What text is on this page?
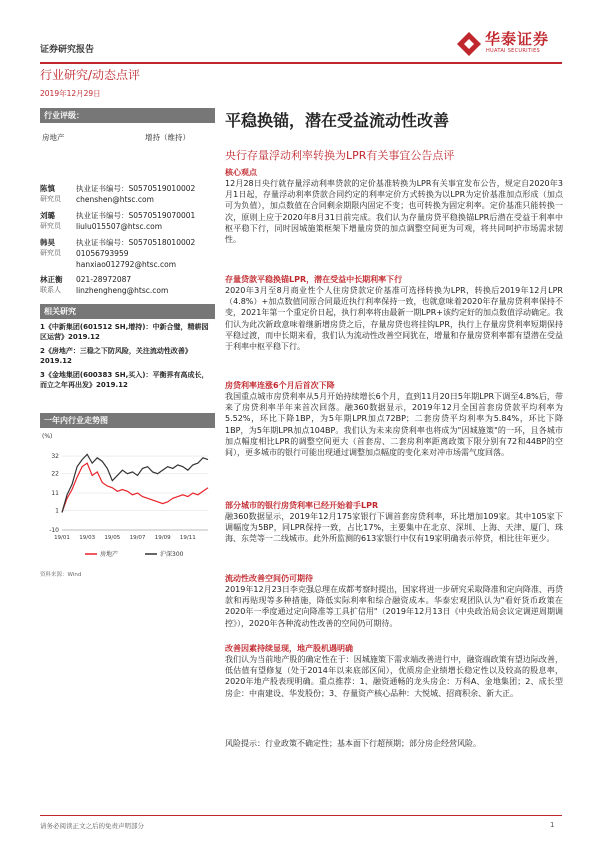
证券研究报告
华泰证券
HUATAI SECURITIES
行业研究/动态点评
2019年12月29日
行业评级：
房地产	增持（维持）
陈慎
研究员
执业证书编号：S0570519010002
chenshen@htsc.com
刘璐
研究员
执业证书编号：S0570519070001
liulu015507@htsc.com
韩昊
研究员
执业证书编号：S0570518010002
01056793959
hanxiao012792@htsc.com
林正衡
联系人
021-28972087
linzhengheng@htsc.com
相关研究
1《中新集团(601512 SH,增持)：中新合璧，精耕园区运营》2019.12
2《房地产：三稳之下防风险，关注流动性改善》2019.12
3《金地集团(600383 SH,买入)：平衡界有高成长，而立之年再出发》2019.12
一年内行业走势图
(%)
-10
1
11
22
32
19/01 19/03 19/05 19/07 19/09 19/11
房地产	沪深300
资料来源：Wind
平稳换锚，潜在受益流动性改善
央行存量浮动利率转换为LPR有关事宜公告点评
核心观点
12月28日央行就存量浮动利率贷款的定价基准转换为LPR有关事宜发布公告，规定自2020年3月1日起，存量浮动利率贷款合同约定的利率定价方式转换为以LPR为定价基准加点形成（加点可为负值），加点数值在合同剩余期限内固定不变；也可转换为固定利率。定价基准只能转换一次，原则上应于2020年8月31日前完成。我们认为存量房贷平稳换锚LPR后潜在受益于利率中枢平稳下行，同时因城施策框架下增量房贷的加点调整空间更为可观，将共同呵护市场需求韧性。
存量贷款平稳换锚LPR，潜在受益中长期利率下行
2020年3月至8月商业性个人住房贷款定价基准可选择转换为LPR，转换后2019年12月LPR（4.8%）+加点数值同原合同最近执行利率保持一致，也就意味着2020年存量房贷利率保持不变，2021年第一个重定价日起，执行利率将由最新一期LPR+该约定好的加点数值浮动确定。我们认为此次新政意味着继新增房贷之后，存量房贷也将挂钩LPR，执行上存量房贷利率短期保持平稳过渡，而中长期来看，我们认为流动性改善空间犹在，增量和存量房贷利率都有望潜在受益于利率中枢平稳下行。
房贷利率连涨6个月后首次下降
我国重点城市房贷利率从5月开始持续增长6个月，直到11月20日5年期LPR下调至4.8%后，带来了房贷利率半年来首次回落。融360数据显示，2019年12月全国首套房贷款平均利率为5.52%，环比下降1BP，为5年期LPR加点72BP；二套房贷平均利率为5.84%，环比下降1BP，为5年期LPR加点104BP。我们认为未来房贷利率也将成为"因城施策"的一环，且各城市加点幅度相比LPR的调整空间更大（首套房、二套房利率距离政策下限分别有72和44BP的空间），更多城市的银行可能出现通过调整加点幅度的变化来对冲市场需气度回落。
部分城市的银行房贷利率已经开始着手LPR
融360数据显示，2019年12月175家银行下调首套房贷利率，环比增加109家。其中105家下调幅度为5BP，同LPR保持一致，占比17%，主要集中在北京、深圳、上海、天津、厦门、珠海、东莞等一二线城市。此外所监测的613家银行中仅有19家明确表示停贷，相比往年更少。
流动性改善空间仍可期待
2019年12月23日李克强总理在成都考察时提出，国家将进一步研究采取降准和定向降准、再贷款和再贴现等多种措施，降低实际利率和综合融资成本。华泰宏观团队认为"看好货币政策在2020年一季度通过定向降准等工具扩信用"（2019年12月13日《中央政治局会议定调逆周期调控》），2020年各种流动性改善的空间仍可期待。
改善因素持续显现，地产股机遇明确
我们认为当前地产股的确定性在于：因城施策下需求端改善进行中，融资端政策有望边际改善，低估值有望修复（处于2014年以来底部区间），优质房企业绩增长稳定性以及较高的股息率，2020年地产股表现明确。重点推荐：1、融资通畅的龙头房企：万科A、金地集团；2、成长型房企：中南建设、华发股份；3、存量资产核心品种：大悦城、招商积余、新大正。
风险提示：行业政策不确定性；基本面下行超预期；部分房企经营风险。
请务必阅读正文之后的免责声明部分	1
